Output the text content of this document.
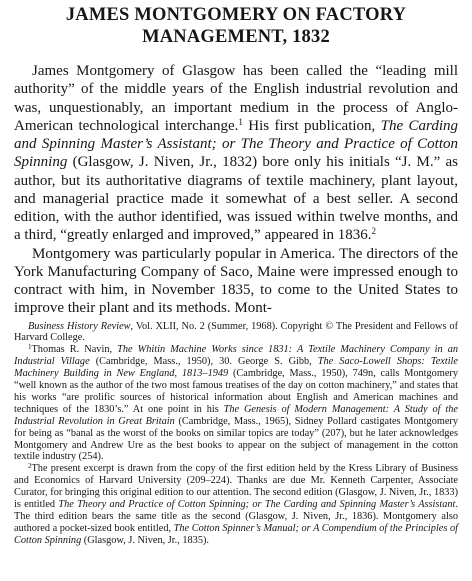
JAMES MONTGOMERY ON FACTORY
MANAGEMENT, 1832

James Montgomery of Glasgow has been called the “leading mill authority” of the middle years of the English industrial revolution and was, unquestionably, an important medium in the process of Anglo-American technological interchange.$^1$ His first publication, The Carding and Spinning Master’s Assistant; or The Theory and Practice of Cotton Spinning (Glasgow, J. Niven, Jr., 1832) bore only his initials “J. M.” as author, but its authoritative diagrams of textile machinery, plant layout, and managerial practice made it somewhat of a best seller. A second edition, with the author identified, was issued within twelve months, and a third, “greatly enlarged and improved,” appeared in 1836.$^2$

Montgomery was particularly popular in America. The directors of the York Manufacturing Company of Saco, Maine were impressed enough to contract with him, in November 1835, to come to the United States to improve their plant and its methods. Mont-

Business History Review, Vol. XLII, No. 2 (Summer, 1968). Copyright © The President and Fellows of Harvard College.

$^1$Thomas R. Navin, The Whitin Machine Works since 1831: A Textile Machinery Company in an Industrial Village (Cambridge, Mass., 1950), 30. George S. Gibb, The Saco-Lowell Shops: Textile Machinery Building in New England, 1813–1949 (Cambridge, Mass., 1950), 749n, calls Montgomery “well known as the author of the two most famous treatises of the day on cotton machinery,” and states that his works “are prolific sources of historical information about English and American machines and techniques of the 1830’s.” At one point in his The Genesis of Modern Management: A Study of the Industrial Revolution in Great Britain (Cambridge, Mass., 1965), Sidney Pollard castigates Montgomery for being as “banal as the worst of the books on similar topics are today” (207), but he later acknowledges Montgomery and Andrew Ure as the best books to appear on the subject of management in the cotton textile industry (254).

$^2$The present excerpt is drawn from the copy of the first edition held by the Kress Library of Business and Economics of Harvard University (209–224). Thanks are due Mr. Kenneth Carpenter, Associate Curator, for bringing this original edition to our attention. The second edition (Glasgow, J. Niven, Jr., 1833) is entitled The Theory and Practice of Cotton Spinning; or The Carding and Spinning Master’s Assistant. The third edition bears the same title as the second (Glasgow, J. Niven, Jr., 1836). Montgomery also authored a pocket-sized book entitled, The Cotton Spinner’s Manual; or A Compendium of the Principles of Cotton Spinning (Glasgow, J. Niven, Jr., 1835).
